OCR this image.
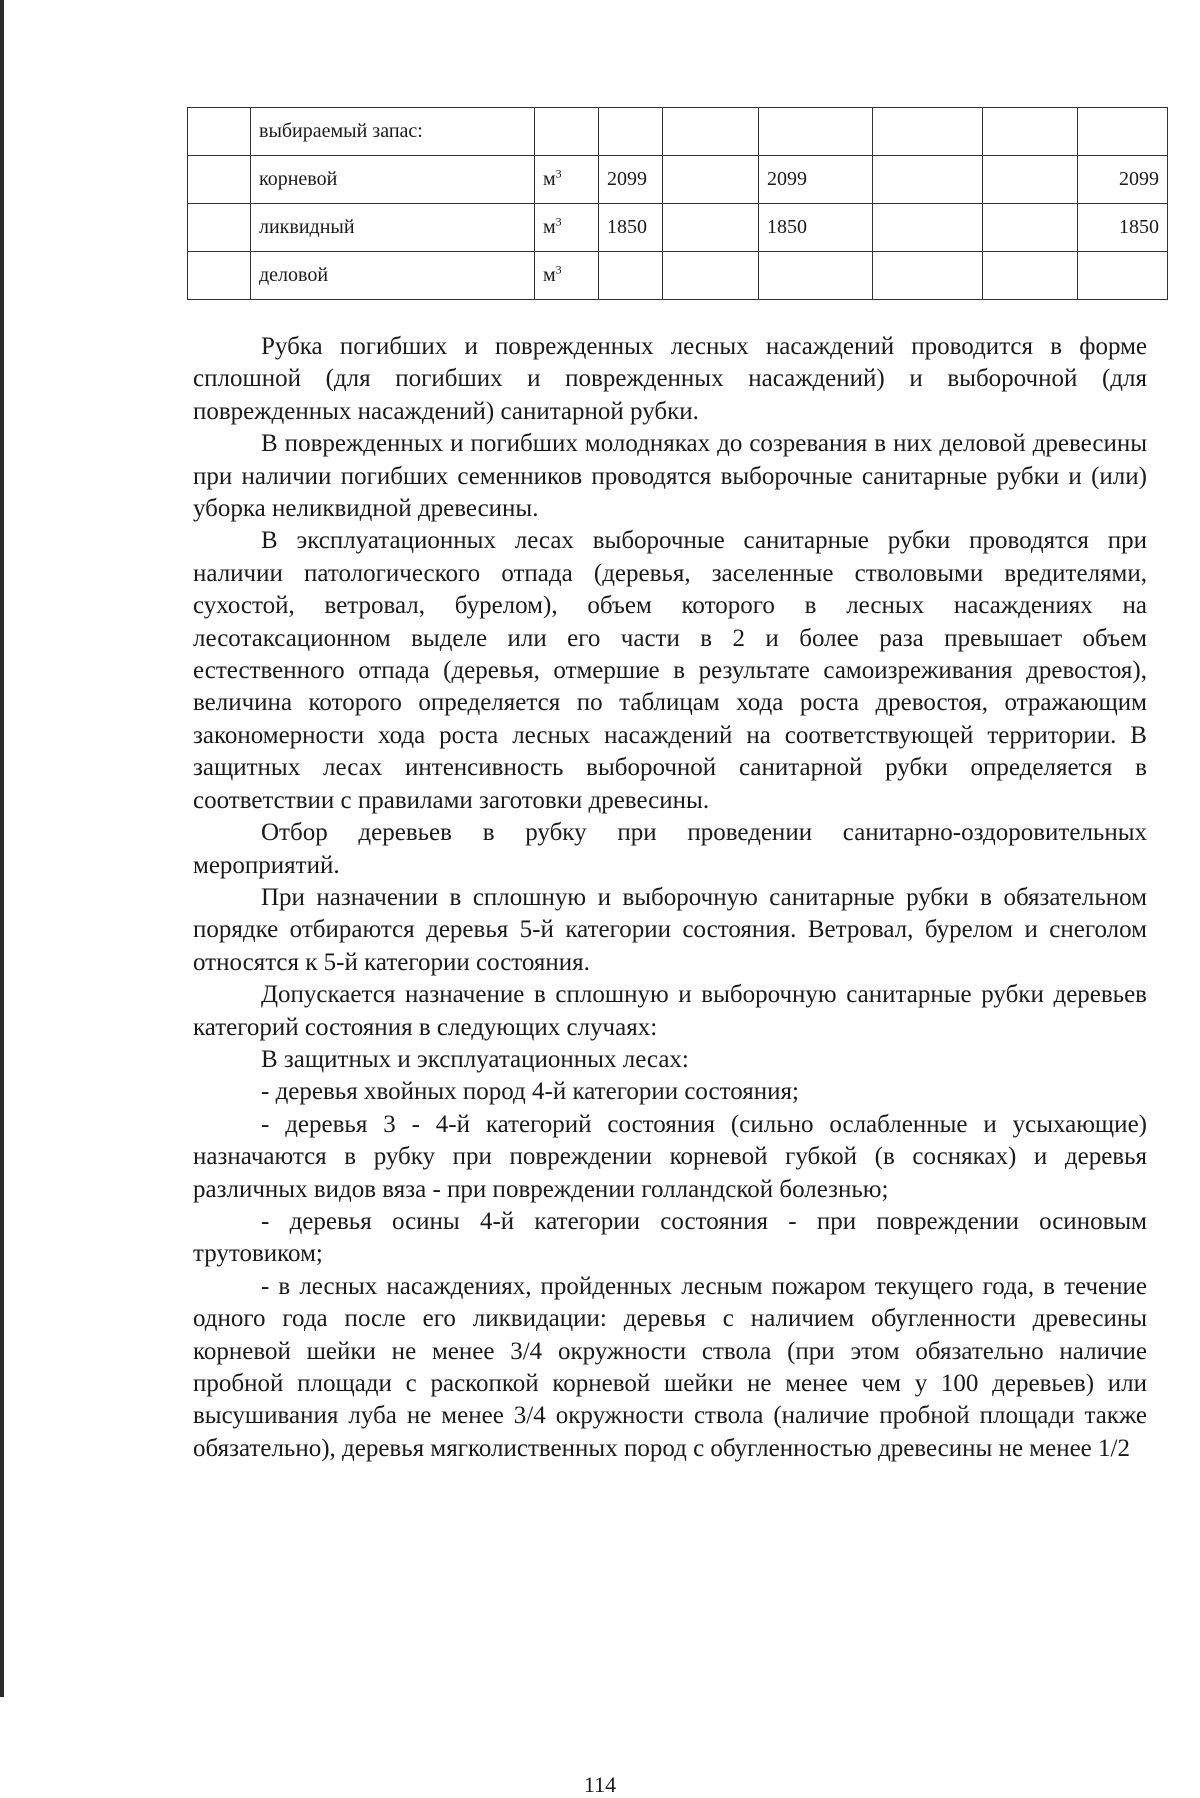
	выбираемый запас:							
	корневой	$м^3$	2099		2099			2099
	ликвидный	$м^3$	1850		1850			1850
	деловой	$м^3$						

Рубка погибших и поврежденных лесных насаждений проводится в форме сплошной (для погибших и поврежденных насаждений) и выборочной (для поврежденных насаждений) санитарной рубки.

В поврежденных и погибших молодняках до созревания в них деловой древесины при наличии погибших семенников проводятся выборочные санитарные рубки и (или) уборка неликвидной древесины.

В эксплуатационных лесах выборочные санитарные рубки проводятся при наличии патологического отпада (деревья, заселенные стволовыми вредителями, сухостой, ветровал, бурелом), объем которого в лесных насаждениях на лесотаксационном выделе или его части в 2 и более раза превышает объем естественного отпада (деревья, отмершие в результате самоизреживания древостоя), величина которого определяется по таблицам хода роста древостоя, отражающим закономерности хода роста лесных насаждений на соответствующей территории. В защитных лесах интенсивность выборочной санитарной рубки определяется в соответствии с правилами заготовки древесины.

Отбор деревьев в рубку при проведении санитарно-оздоровительных мероприятий.

При назначении в сплошную и выборочную санитарные рубки в обязательном порядке отбираются деревья 5-й категории состояния. Ветровал, бурелом и снеголом относятся к 5-й категории состояния.

Допускается назначение в сплошную и выборочную санитарные рубки деревьев категорий состояния в следующих случаях:

В защитных и эксплуатационных лесах:

- деревья хвойных пород 4-й категории состояния;

- деревья 3 - 4-й категорий состояния (сильно ослабленные и усыхающие) назначаются в рубку при повреждении корневой губкой (в сосняках) и деревья различных видов вяза - при повреждении голландской болезнью;

- деревья осины 4-й категории состояния - при повреждении осиновым трутовиком;

- в лесных насаждениях, пройденных лесным пожаром текущего года, в течение одного года после его ликвидации: деревья с наличием обугленности древесины корневой шейки не менее 3/4 окружности ствола (при этом обязательно наличие пробной площади с раскопкой корневой шейки не менее чем у 100 деревьев) или высушивания луба не менее 3/4 окружности ствола (наличие пробной площади также обязательно), деревья мягколиственных пород с обугленностью древесины не менее 1/2

114
